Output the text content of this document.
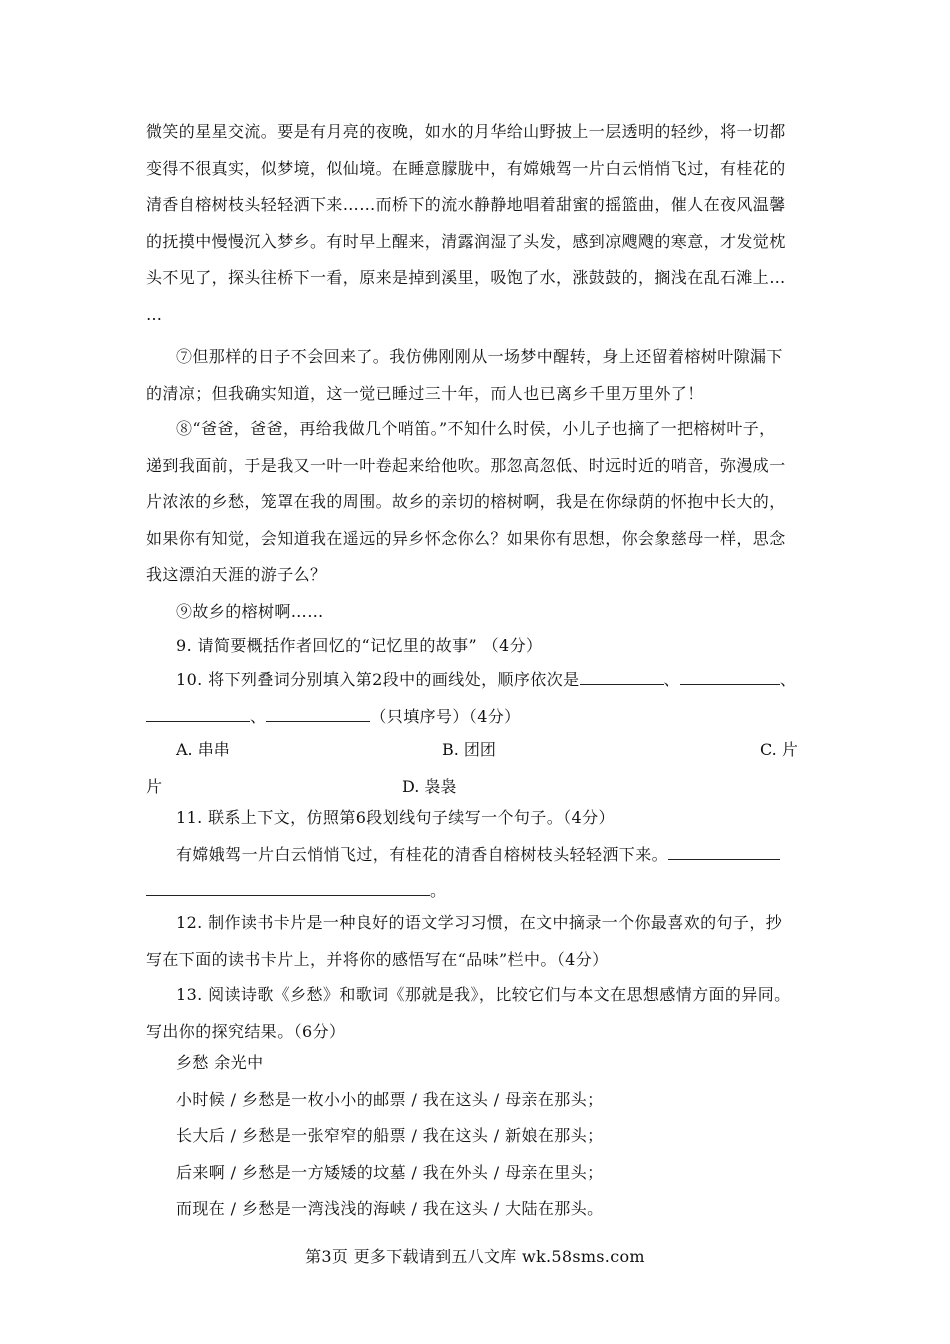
微笑的星星交流。要是有月亮的夜晚，如水的月华给山野披上一层透明的轻纱，将一切都
变得不很真实，似梦境，似仙境。在睡意朦胧中，有嫦娥驾一片白云悄悄飞过，有桂花的
清香自榕树枝头轻轻洒下来……而桥下的流水静静地唱着甜蜜的摇篮曲，催人在夜风温馨
的抚摸中慢慢沉入梦乡。有时早上醒来，清露润湿了头发，感到凉飕飕的寒意，才发觉枕
头不见了，探头往桥下一看，原来是掉到溪里，吸饱了水，涨鼓鼓的，搁浅在乱石滩上…
…
⑦但那样的日子不会回来了。我仿佛刚刚从一场梦中醒转，身上还留着榕树叶隙漏下
的清凉；但我确实知道，这一觉已睡过三十年，而人也已离乡千里万里外了！
⑧“爸爸，爸爸，再给我做几个哨笛。”不知什么时侯，小儿子也摘了一把榕树叶子，
递到我面前，于是我又一叶一叶卷起来给他吹。那忽高忽低、时远时近的哨音，弥漫成一
片浓浓的乡愁，笼罩在我的周围。故乡的亲切的榕树啊，我是在你绿荫的怀抱中长大的，
如果你有知觉，会知道我在遥远的异乡怀念你么？如果你有思想，你会象慈母一样，思念
我这漂泊天涯的游子么？
⑨故乡的榕树啊……
9. 请简要概括作者回忆的“记忆里的故事” （4分）
10. 将下列叠词分别填入第2段中的画线处，顺序依次是	、	、
、	（只填序号）（4分）
A. 串串	B. 团团	C. 片
片	D. 袅袅
11. 联系上下文，仿照第6段划线句子续写一个句子。（4分）
有嫦娥驾一片白云悄悄飞过，有桂花的清香自榕树枝头轻轻洒下来。
。
12. 制作读书卡片是一种良好的语文学习习惯，在文中摘录一个你最喜欢的句子，抄
写在下面的读书卡片上，并将你的感悟写在“品味”栏中。（4分）
13. 阅读诗歌《乡愁》和歌词《那就是我》，比较它们与本文在思想感情方面的异同。
写出你的探究结果。（6分）
乡愁 余光中
小时候 / 乡愁是一枚小小的邮票 / 我在这头 / 母亲在那头；
长大后 / 乡愁是一张窄窄的船票 / 我在这头 / 新娘在那头；
后来啊 / 乡愁是一方矮矮的坟墓 / 我在外头 / 母亲在里头；
而现在 / 乡愁是一湾浅浅的海峡 / 我在这头 / 大陆在那头。
第3页 更多下载请到五八文库 wk.58sms.com
